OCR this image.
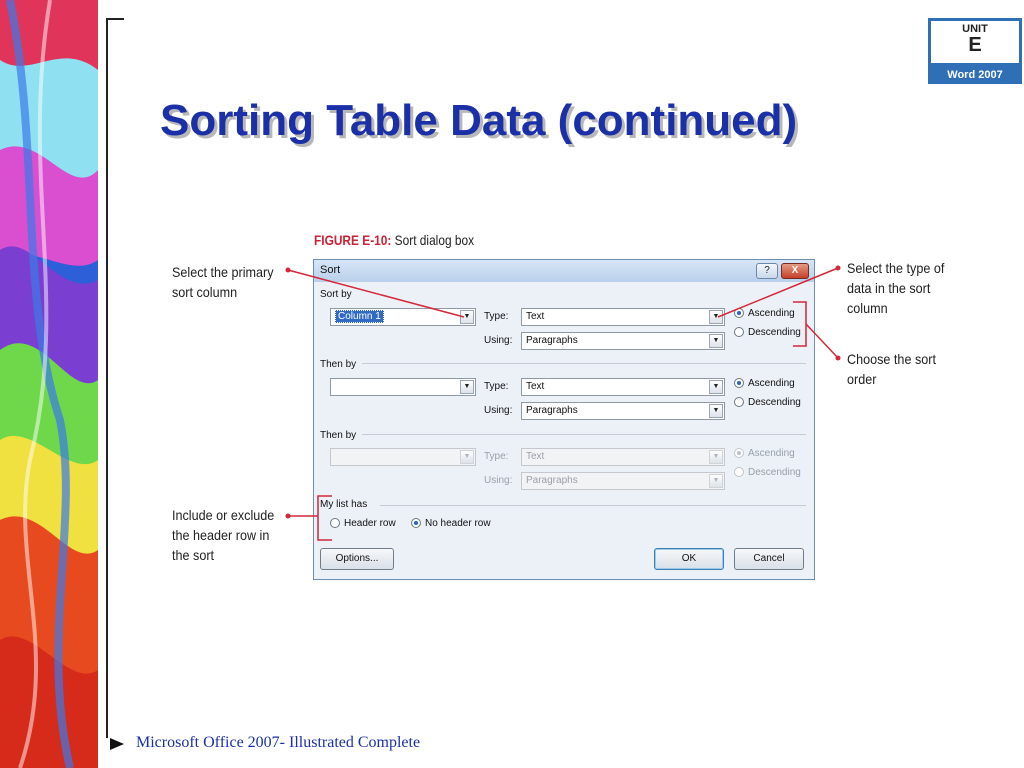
UNIT
E
Word 2007
Sorting Table Data (continued)
FIGURE E-10: Sort dialog box
Select the primary
sort column
Select the type of
data in the sort
column
Choose the sort
order
Include or exclude
the header row in
the sort
Sort	?	X
Sort by
Column 1	▼	Type:	Text	▼
Using:	Paragraphs	▼
Ascending
Descending
Then by
▼	Type:	Text	▼
Using:	Paragraphs	▼
Ascending
Descending
Then by
▼	Type:	Text	▼
Using:	Paragraphs	▼
Ascending
Descending
My list has
Header row	No header row
Options...	OK	Cancel
Microsoft Office 2007- Illustrated Complete
